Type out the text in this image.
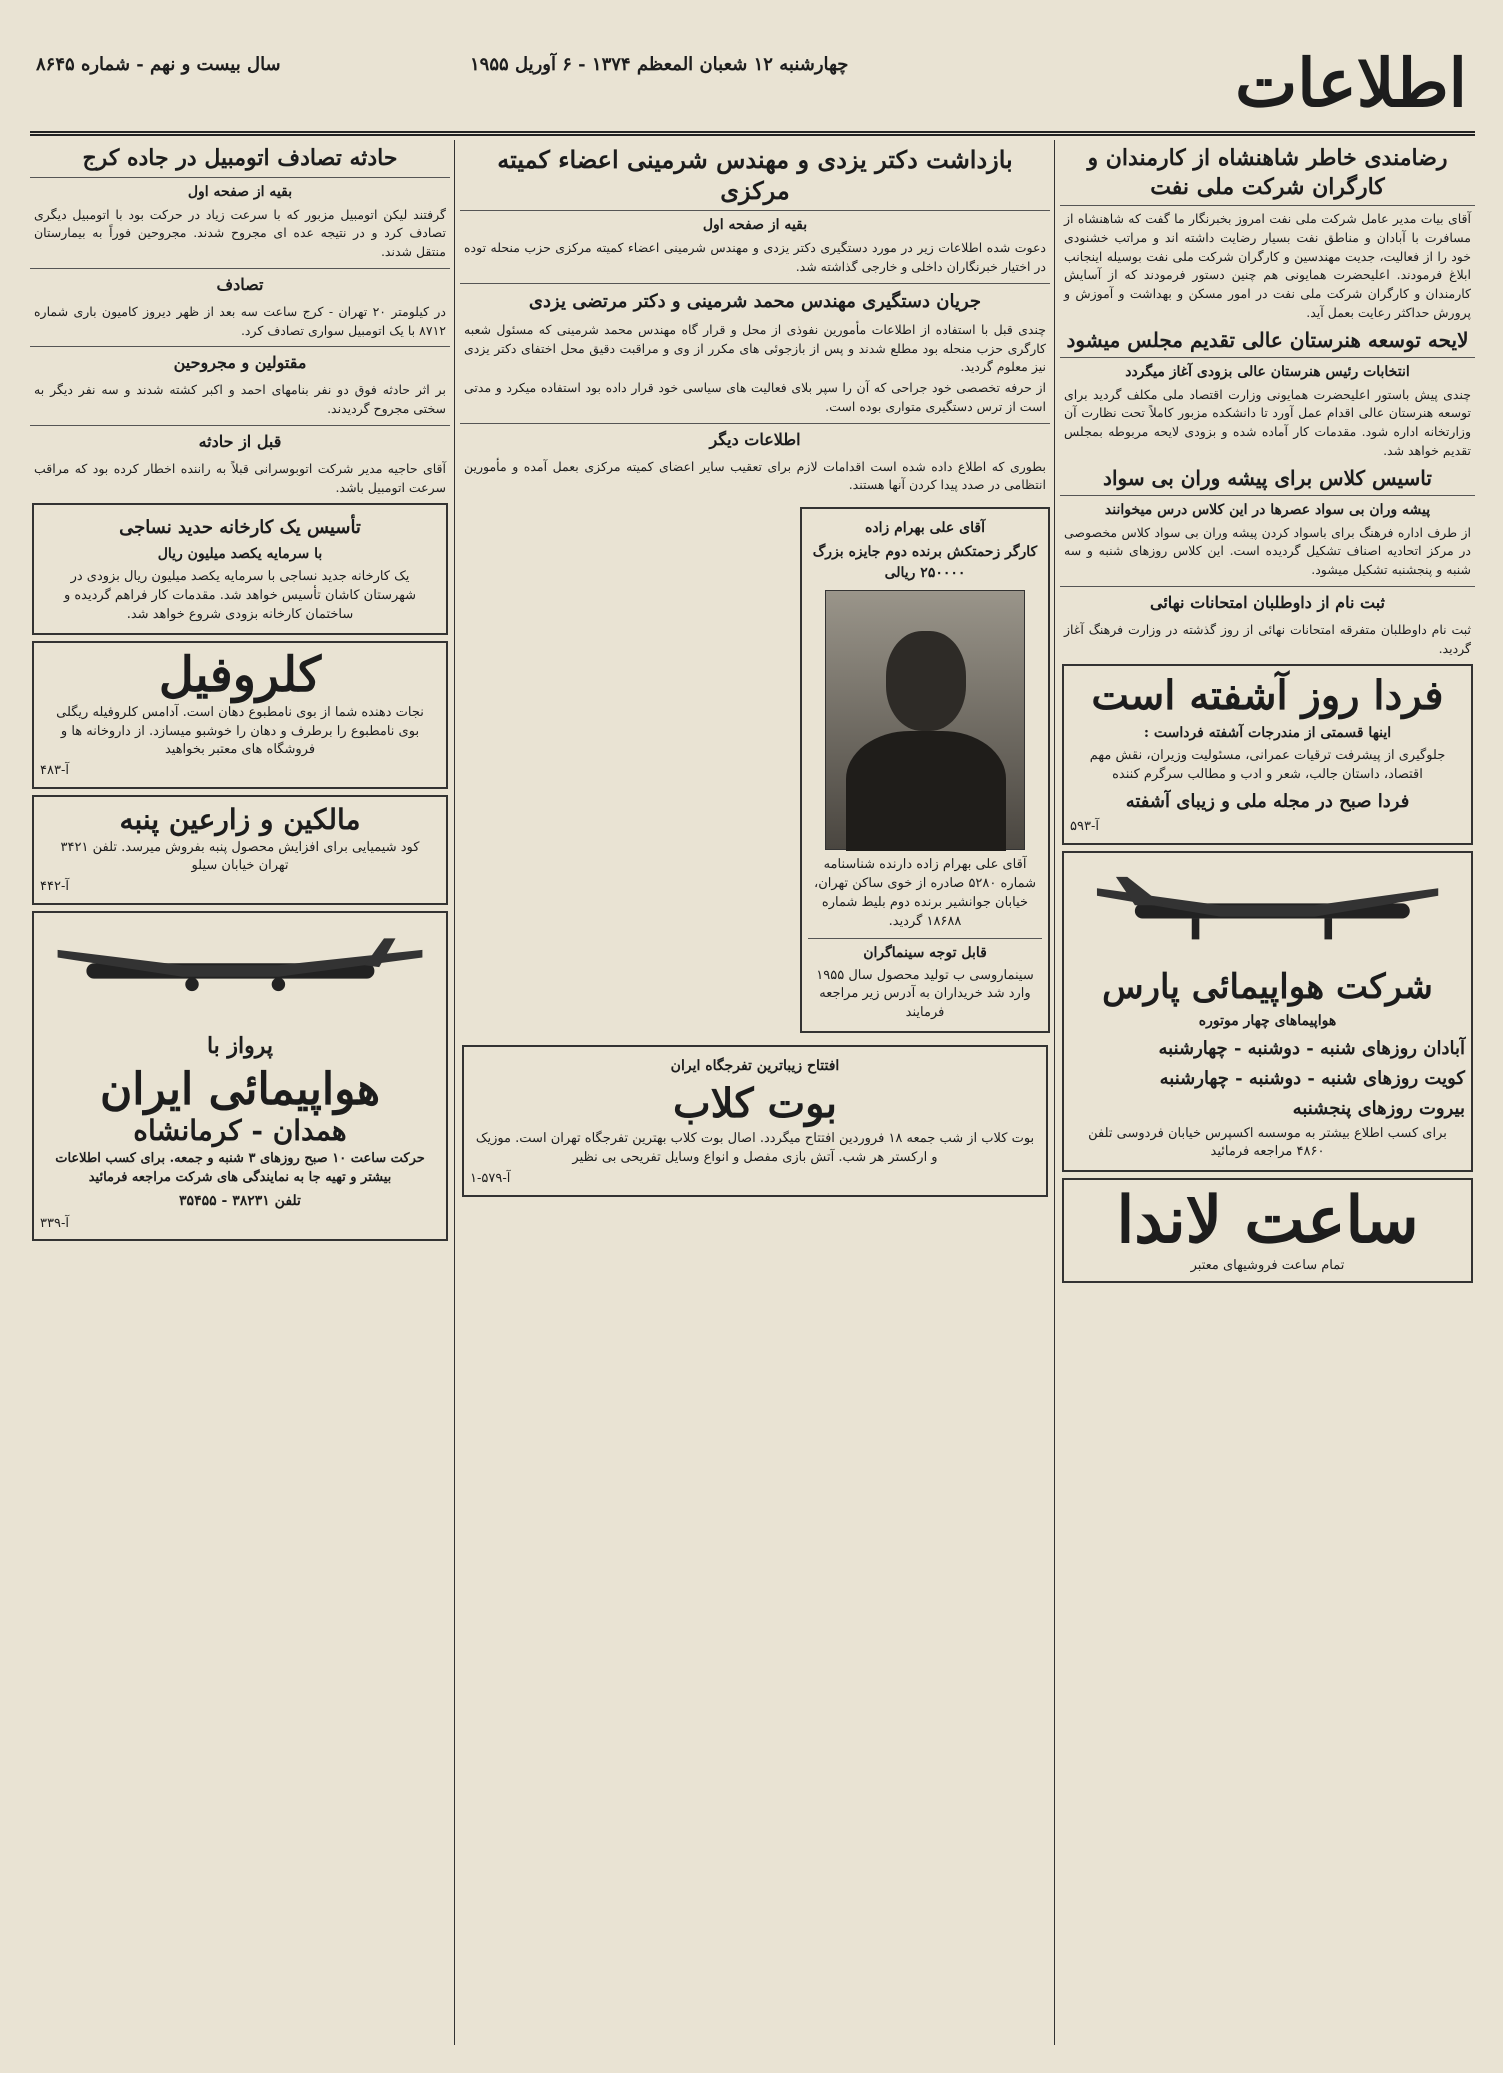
اطلاعات
چهارشنبه ۱۲ شعبان المعظم ۱۳۷۴ - ۶ آوریل ۱۹۵۵
سال بیست و نهم - شماره ۸۶۴۵
رضامندی خاطر شاهنشاه از کارمندان و کارگران شرکت ملی نفت

آقای بیات مدیر عامل شرکت ملی نفت امروز بخبرنگار ما گفت که شاهنشاه از مسافرت با آبادان و مناطق نفت بسیار رضایت داشته اند و مراتب خشنودی خود را از فعالیت، جدیت مهندسین و کارگران شرکت ملی نفت بوسیله اینجانب ابلاغ فرمودند. اعلیحضرت همایونی هم چنین دستور فرمودند که از آسایش کارمندان و کارگران شرکت ملی نفت در امور مسکن و بهداشت و آموزش و پرورش حداکثر رعایت بعمل آید.

لایحه توسعه هنرستان عالی تقدیم مجلس میشود
انتخابات رئیس هنرستان عالی بزودی آغاز میگردد

چندی پیش باستور اعلیحضرت همایونی وزارت اقتصاد ملی مکلف گردید برای توسعه هنرستان عالی اقدام عمل آورد تا دانشکده مزبور کاملاً تحت نظارت آن وزارتخانه اداره شود. مقدمات کار آماده شده و بزودی لایحه مربوطه بمجلس تقدیم خواهد شد.

تاسیس کلاس برای پیشه وران بی سواد
پیشه وران بی سواد عصرها در این کلاس درس میخوانند

از طرف اداره فرهنگ برای باسواد کردن پیشه وران بی سواد کلاس مخصوصی در مرکز اتحادیه اصناف تشکیل گردیده است. این کلاس روزهای شنبه و سه شنبه و پنجشنبه تشکیل میشود.

ثبت نام از داوطلبان امتحانات نهائی

ثبت نام داوطلبان متفرقه امتحانات نهائی از روز گذشته در وزارت فرهنگ آغاز گردید.

فردا روز آشفته است
اینها قسمتی از مندرجات آشفته فرداست :

جلوگیری از پیشرفت ترقیات عمرانی، مسئولیت وزیران، نقش مهم اقتصاد، داستان جالب، شعر و ادب و مطالب سرگرم کننده

فردا صبح در مجله ملی و زیبای آشفته
آ-۵۹۳
شرکت هواپیمائی پارس
هواپیماهای چهار موتوره
آبادان روزهای شنبه - دوشنبه - چهارشنبه
کویت روزهای شنبه - دوشنبه - چهارشنبه
بیروت روزهای پنجشنبه

برای کسب اطلاع بیشتر به موسسه اکسپرس خیابان فردوسی تلفن ۴۸۶۰ مراجعه فرمائید

ساعت لاندا
تمام ساعت فروشیهای معتبر
بازداشت دکتر یزدی و مهندس شرمینی اعضاء کمیته مرکزی
بقیه از صفحه اول

دعوت شده اطلاعات زیر در مورد دستگیری دکتر یزدی و مهندس شرمینی اعضاء کمیته مرکزی حزب منحله توده در اختیار خبرنگاران داخلی و خارجی گذاشته شد.

جریان دستگیری مهندس محمد شرمینی و دکتر مرتضی یزدی

چندی قبل با استفاده از اطلاعات مأمورین نفوذی از محل و قرار گاه مهندس محمد شرمینی که مسئول شعبه کارگری حزب منحله بود مطلع شدند و پس از بازجوئی های مکرر از وی و مراقبت دقیق محل اختفای دکتر یزدی نیز معلوم گردید.

از حرفه تخصصی خود جراحی که آن را سپر بلای فعالیت های سیاسی خود قرار داده بود استفاده میکرد و مدتی است از ترس دستگیری متواری بوده است.

اطلاعات دیگر

بطوری که اطلاع داده شده است اقدامات لازم برای تعقیب سایر اعضای کمیته مرکزی بعمل آمده و مأمورین انتظامی در صدد پیدا کردن آنها هستند.

آقای علی بهرام زاده
کارگر زحمتکش برنده دوم جایزه بزرگ ۲۵۰۰۰۰ ریالی

آقای علی بهرام زاده دارنده شناسنامه شماره ۵۲۸۰ صادره از خوی ساکن تهران، خیابان جوانشیر برنده دوم بلیط شماره ۱۸۶۸۸ گردید.

قابل توجه سینماگران

سینماروسی ب تولید محصول سال ۱۹۵۵ وارد شد خریداران به آدرس زیر مراجعه فرمایند

افتتاح زیباترین تفرجگاه ایران
بوت کلاب

بوت کلاب از شب جمعه ۱۸ فروردین افتتاح میگردد. اصال بوت کلاب بهترین تفرجگاه تهران است. موزیک و ارکستر هر شب. آتش بازی مفصل و انواع وسایل تفریحی بی نظیر

آ-۵۷۹-۱
حادثه تصادف اتومبیل در جاده کرج
بقیه از صفحه اول

گرفتند لیکن اتومبیل مزبور که با سرعت زیاد در حرکت بود با اتومبیل دیگری تصادف کرد و در نتیجه عده ای مجروح شدند. مجروحین فوراً به بیمارستان منتقل شدند.

تصادف

در کیلومتر ۲۰ تهران - کرج ساعت سه بعد از ظهر دیروز کامیون باری شماره ۸۷۱۲ با یک اتومبیل سواری تصادف کرد.

مقتولین و مجروحین

بر اثر حادثه فوق دو نفر بنامهای احمد و اکبر کشته شدند و سه نفر دیگر به سختی مجروح گردیدند.

قبل از حادثه

آقای حاجیه مدیر شرکت اتوبوسرانی قبلاً به راننده اخطار کرده بود که مراقب سرعت اتومبیل باشد.

تأسیس یک کارخانه حدید نساجی
با سرمایه یکصد میلیون ریال

یک کارخانه جدید نساجی با سرمایه یکصد میلیون ریال بزودی در شهرستان کاشان تأسیس خواهد شد. مقدمات کار فراهم گردیده و ساختمان کارخانه بزودی شروع خواهد شد.

کلروفیل

نجات دهنده شما از بوی نامطبوع دهان است. آدامس کلروفیله ریگلی بوی نامطبوع را برطرف و دهان را خوشبو میسازد. از داروخانه ها و فروشگاه های معتبر بخواهید

آ-۴۸۳
مالکین و زارعین پنبه

کود شیمیایی برای افزایش محصول پنبه بفروش میرسد. تلفن ۳۴۲۱ تهران خیابان سیلو

آ-۴۴۲
پرواز با
هواپیمائی ایران
همدان - کرمانشاه

حرکت ساعت ۱۰ صبح روزهای ۳ شنبه و جمعه. برای کسب اطلاعات بیشتر و تهیه جا به نمایندگی های شرکت مراجعه فرمائید

تلفن ۳۸۲۳۱ - ۳۵۴۵۵
آ-۳۳۹
